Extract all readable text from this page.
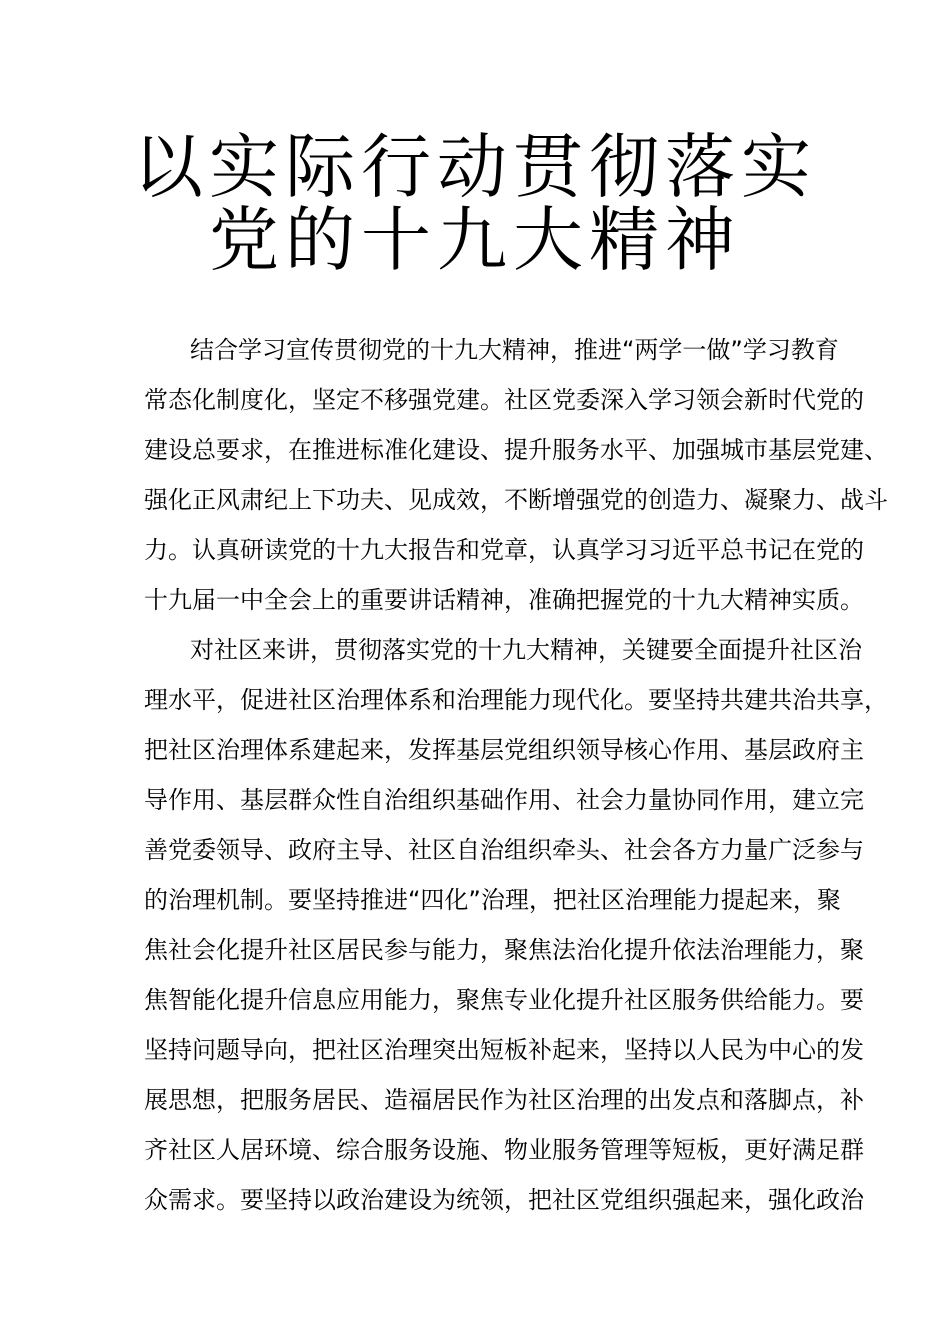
以实际行动贯彻落实
党的十九大精神
结合学习宣传贯彻党的十九大精神，推进“两学一做”学习教育
常态化制度化，坚定不移强党建。社区党委深入学习领会新时代党的
建设总要求，在推进标准化建设、提升服务水平、加强城市基层党建、
强化正风肃纪上下功夫、见成效，不断增强党的创造力、凝聚力、战斗
力。认真研读党的十九大报告和党章，认真学习习近平总书记在党的
十九届一中全会上的重要讲话精神，准确把握党的十九大精神实质。
对社区来讲，贯彻落实党的十九大精神，关键要全面提升社区治
理水平，促进社区治理体系和治理能力现代化。要坚持共建共治共享，
把社区治理体系建起来，发挥基层党组织领导核心作用、基层政府主
导作用、基层群众性自治组织基础作用、社会力量协同作用，建立完
善党委领导、政府主导、社区自治组织牵头、社会各方力量广泛参与
的治理机制。要坚持推进“四化”治理，把社区治理能力提起来，聚
焦社会化提升社区居民参与能力，聚焦法治化提升依法治理能力，聚
焦智能化提升信息应用能力，聚焦专业化提升社区服务供给能力。要
坚持问题导向，把社区治理突出短板补起来，坚持以人民为中心的发
展思想，把服务居民、造福居民作为社区治理的出发点和落脚点，补
齐社区人居环境、综合服务设施、物业服务管理等短板，更好满足群
众需求。要坚持以政治建设为统领，把社区党组织强起来，强化政治
